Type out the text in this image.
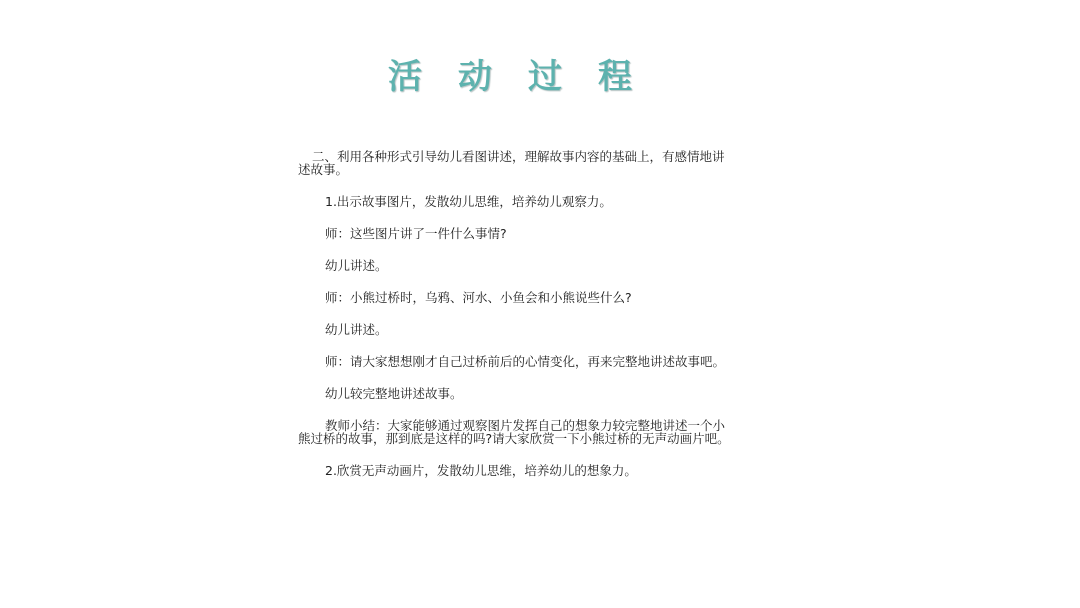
活 动 过 程

二、利用各种形式引导幼儿看图讲述，理解故事内容的基础上，有感情地讲述故事。

1.出示故事图片，发散幼儿思维，培养幼儿观察力。

师：这些图片讲了一件什么事情?

幼儿讲述。

师：小熊过桥时，乌鸦、河水、小鱼会和小熊说些什么?

幼儿讲述。

师：请大家想想刚才自己过桥前后的心情变化，再来完整地讲述故事吧。

幼儿较完整地讲述故事。

教师小结：大家能够通过观察图片发挥自己的想象力较完整地讲述一个小熊过桥的故事，那到底是这样的吗?请大家欣赏一下小熊过桥的无声动画片吧。

2.欣赏无声动画片，发散幼儿思维，培养幼儿的想象力。
